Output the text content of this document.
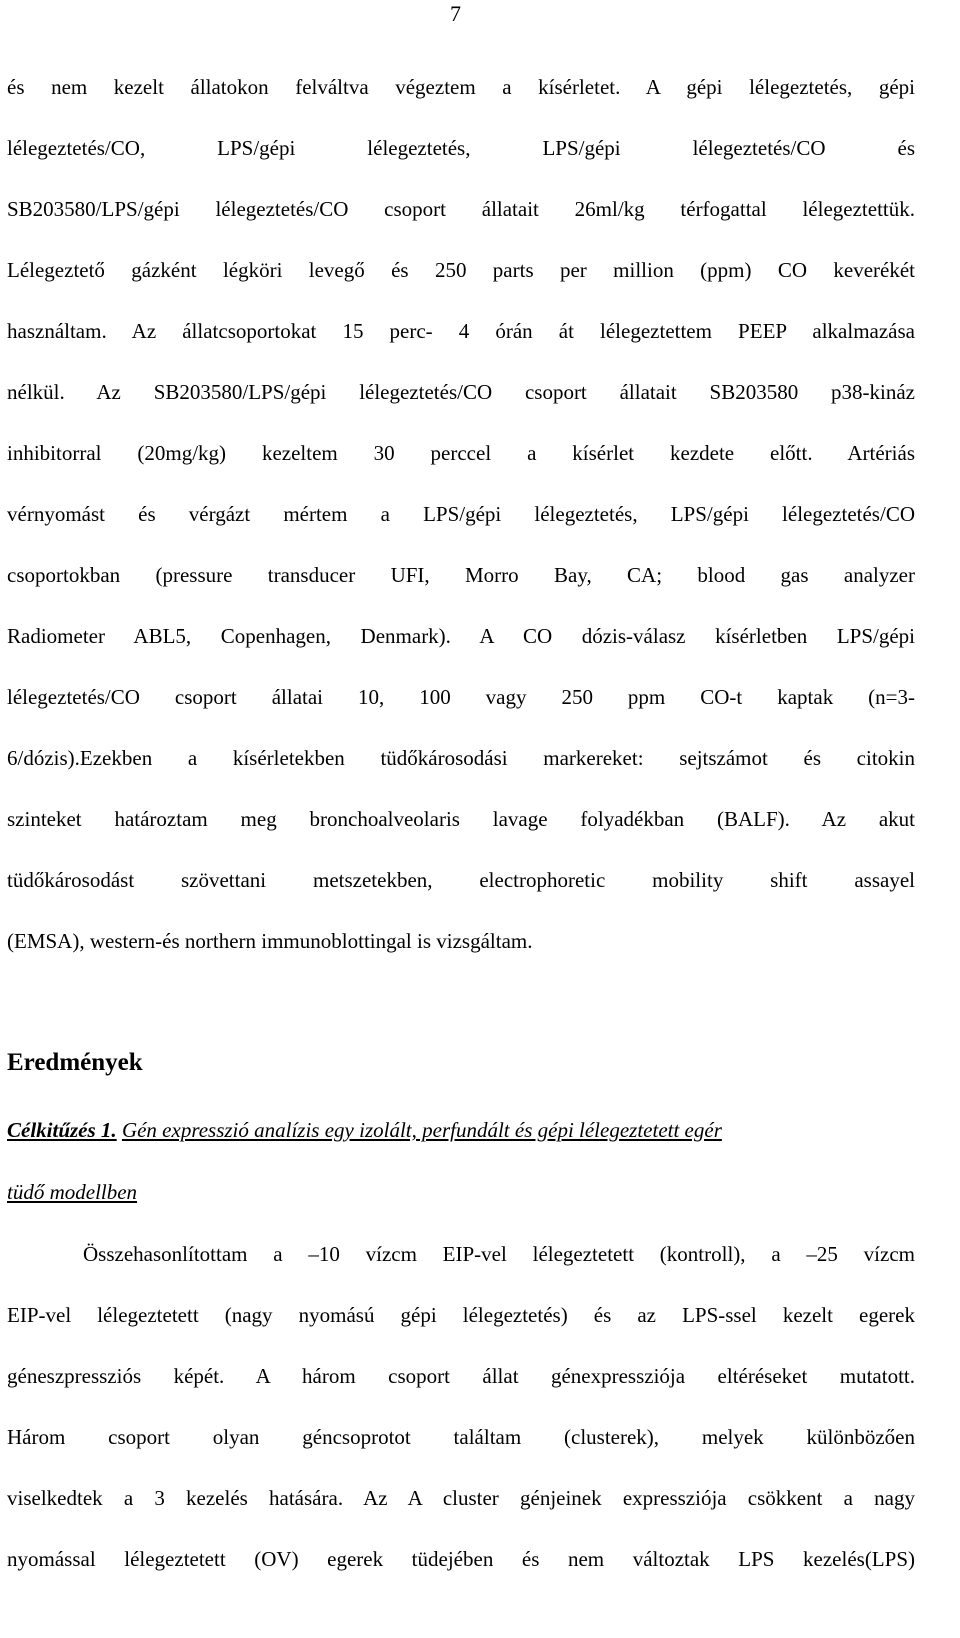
7
és nem kezelt állatokon felváltva végeztem a kísérletet. A gépi lélegeztetés, gépi
lélegeztetés/CO, LPS/gépi lélegeztetés, LPS/gépi lélegeztetés/CO és
SB203580/LPS/gépi lélegeztetés/CO csoport állatait 26ml/kg térfogattal lélegeztettük.
Lélegeztető gázként légköri levegő és 250 parts per million (ppm) CO keverékét
használtam. Az állatcsoportokat 15 perc- 4 órán át lélegeztettem PEEP alkalmazása
nélkül. Az SB203580/LPS/gépi lélegeztetés/CO csoport állatait SB203580 p38-kináz
inhibitorral (20mg/kg) kezeltem 30 perccel a kísérlet kezdete előtt. Artériás
vérnyomást és vérgázt mértem a LPS/gépi lélegeztetés, LPS/gépi lélegeztetés/CO
csoportokban (pressure transducer UFI, Morro Bay, CA; blood gas analyzer
Radiometer ABL5, Copenhagen, Denmark). A CO dózis-válasz kísérletben LPS/gépi
lélegeztetés/CO csoport állatai 10, 100 vagy 250 ppm CO-t kaptak (n=3-
6/dózis).Ezekben a kísérletekben tüdőkárosodási markereket: sejtszámot és citokin
szinteket határoztam meg bronchoalveolaris lavage folyadékban (BALF). Az akut
tüdőkárosodást szövettani metszetekben, electrophoretic mobility shift assayel
(EMSA), western-és northern immunoblottingal is vizsgáltam.
Eredmények
Célkitűzés 1. Gén expresszió analízis egy izolált, perfundált és gépi lélegeztetett egér
tüdő modellben
Összehasonlítottam a –10 vízcm EIP-vel lélegeztetett (kontroll), a –25 vízcm
EIP-vel lélegeztetett (nagy nyomású gépi lélegeztetés) és az LPS-ssel kezelt egerek
géneszpressziós képét. A három csoport állat génexpressziója eltéréseket mutatott.
Három csoport olyan géncsoprotot találtam (clusterek), melyek különbözően
viselkedtek a 3 kezelés hatására. Az A cluster génjeinek expressziója csökkent a nagy
nyomással lélegeztetett (OV) egerek tüdejében és nem változtak LPS kezelés(LPS)
